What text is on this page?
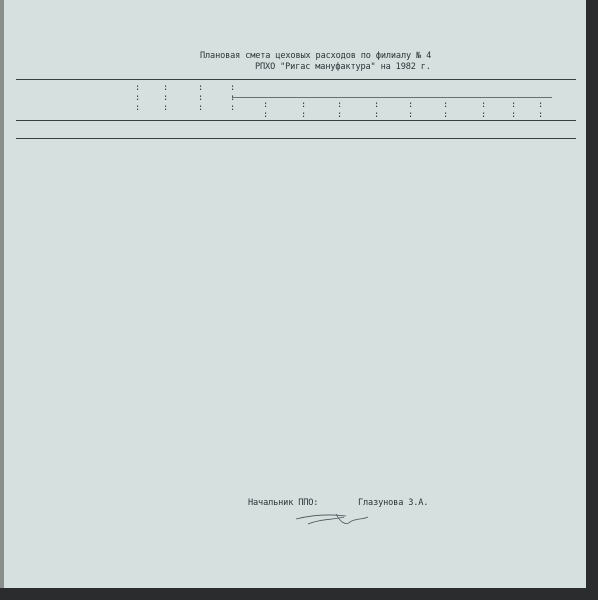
Плановая смета цеховых расходов по филиалу № 4
РПХО "Ригас мануфактура" на 1982 г.
:
:
:
:
:
:
:
:
:
:
:
:	:
:
:
:
:
:
:
:
:
:
:
:
:
:
:
:
:
:
Начальник ППО:	Глазунова З.А.
